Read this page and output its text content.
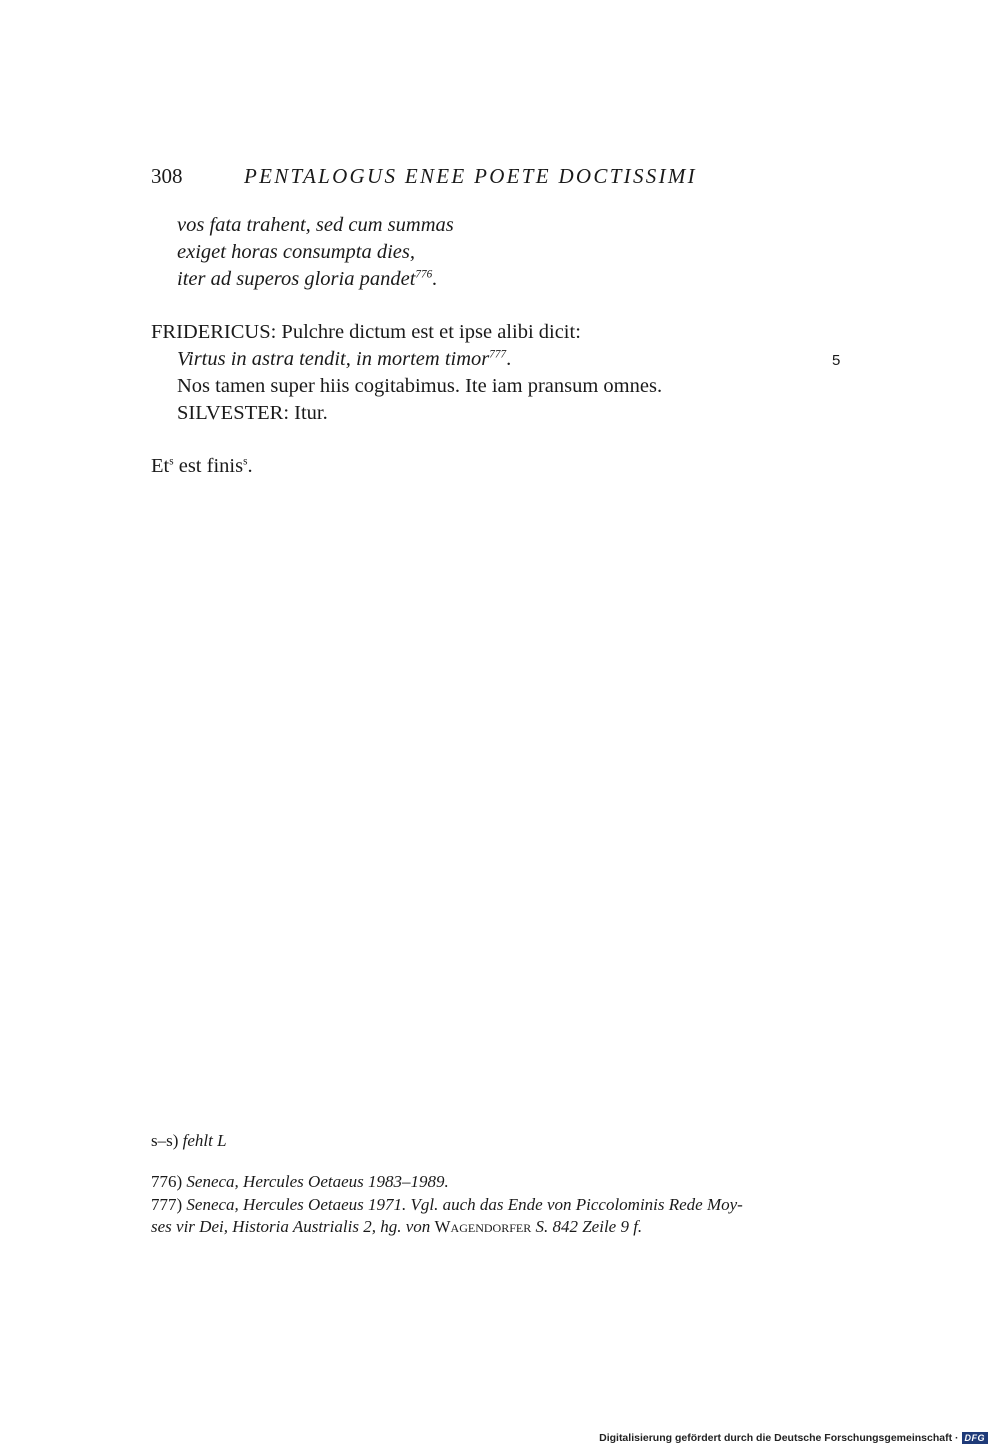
308	PENTALOGUS ENEE POETE DOCTISSIMI
vos fata trahent, sed cum summas
exiget horas consumpta dies,
iter ad superos gloria pandet$^{776}$.
FRIDERICUS: Pulchre dictum est et ipse alibi dicit:
Virtus in astra tendit, in mortem timor$^{777}$.	5
Nos tamen super hiis cogitabimus. Ite iam pransum omnes.
SILVESTER: Itur.
Et$^s$ est finis$^s$.
s–s) fehlt L
776) Seneca, Hercules Oetaeus 1983–1989.
777) Seneca, Hercules Oetaeus 1971. Vgl. auch das Ende von Piccolominis Rede Moy-
ses vir Dei, Historia Austrialis 2, hg. von Wagendorfer S. 842 Zeile 9 f.
Digitalisierung gefördert durch die Deutsche Forschungsgemeinschaft · DFG
